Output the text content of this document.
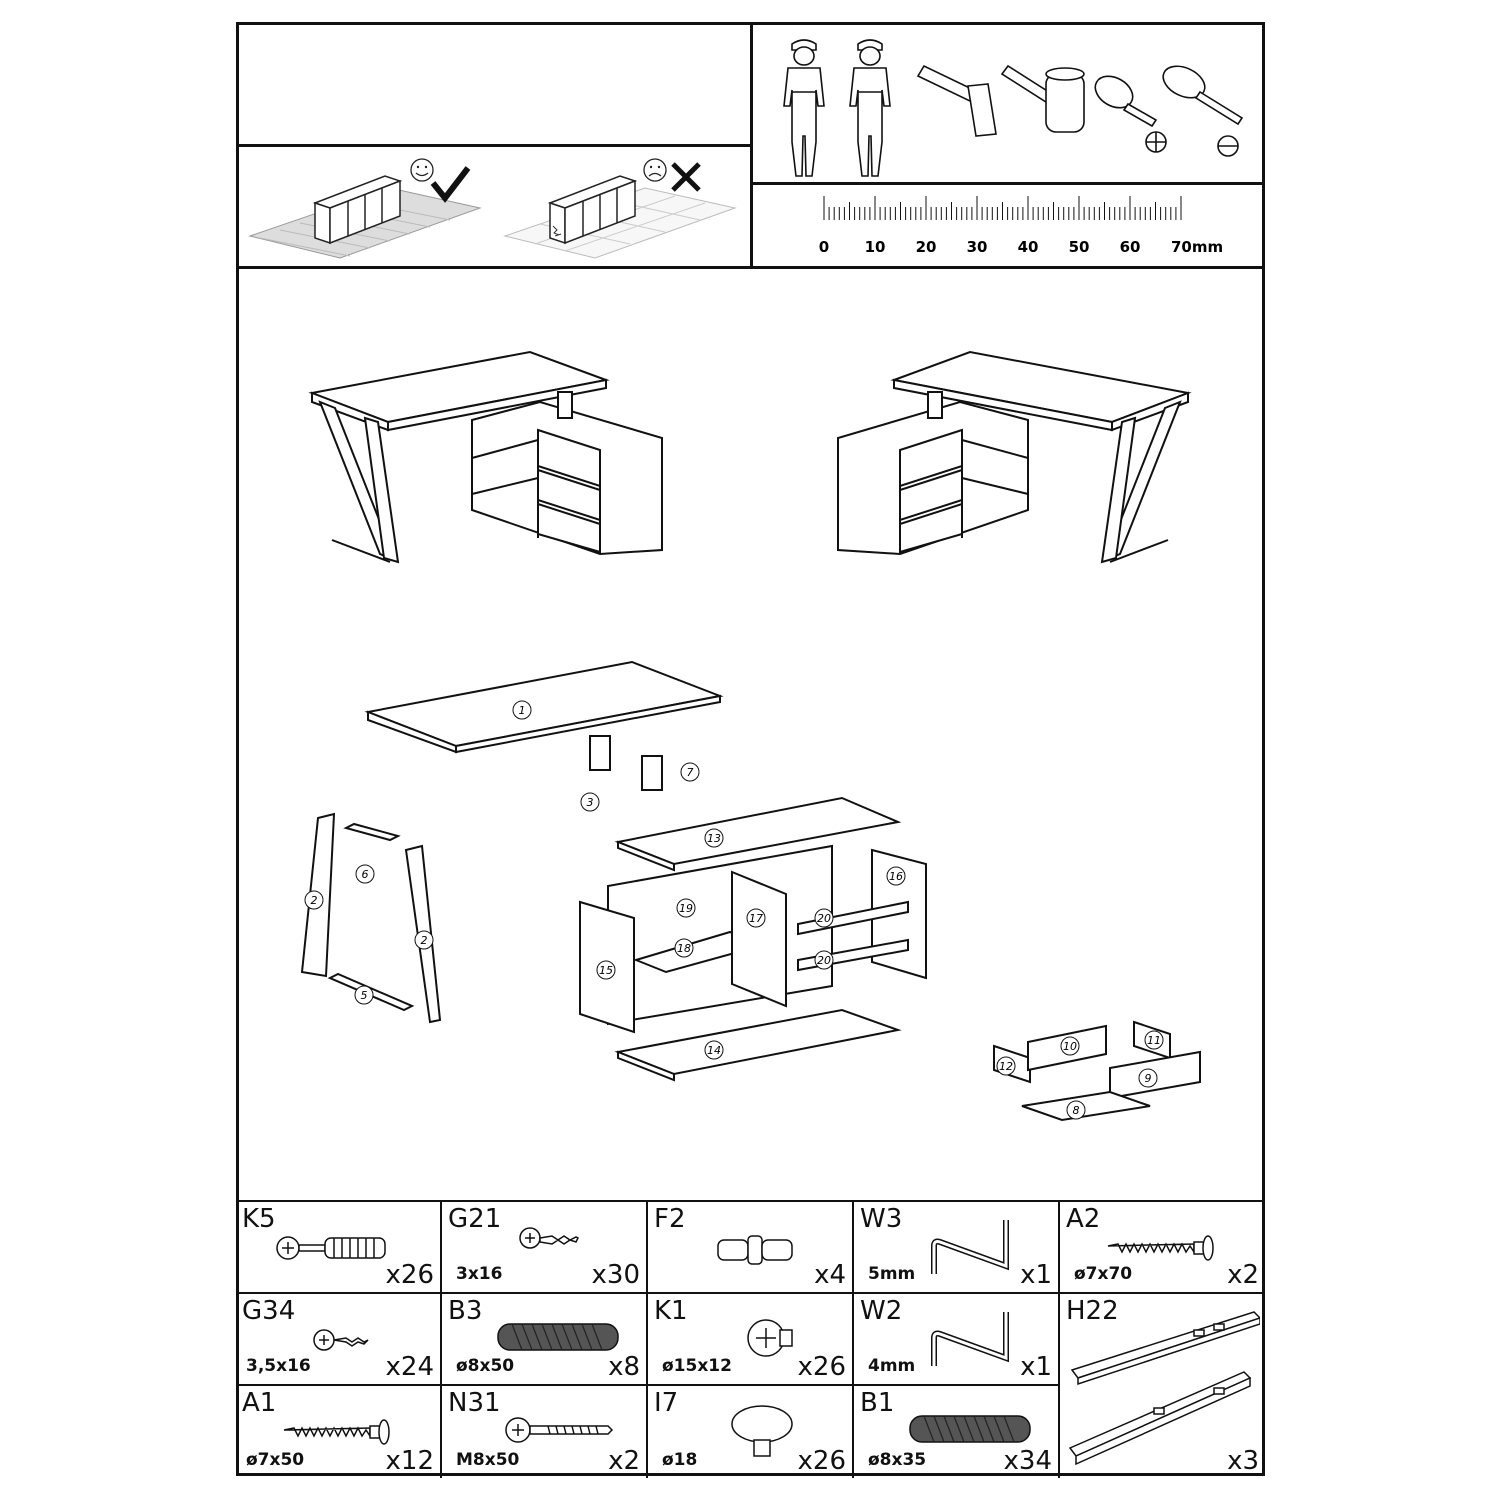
0 10 20 30 40 50 60 70mm
1
2
2
3
5
6
7
8
9
10	11
12
13
14
15
16
17
18
19
20
20
K5
x26
G21
3x16	x30
F2
x4
W3
5mm	x1
A2
ø7x70	x2
G34
3,5x16	x24
B3
ø8x50	x8
K1
ø15x12	x26
W2
4mm	x1
H22
x3
A1
ø7x50	x12
N31
M8x50	x2
I7
ø18	x26
B1
ø8x35	x34
